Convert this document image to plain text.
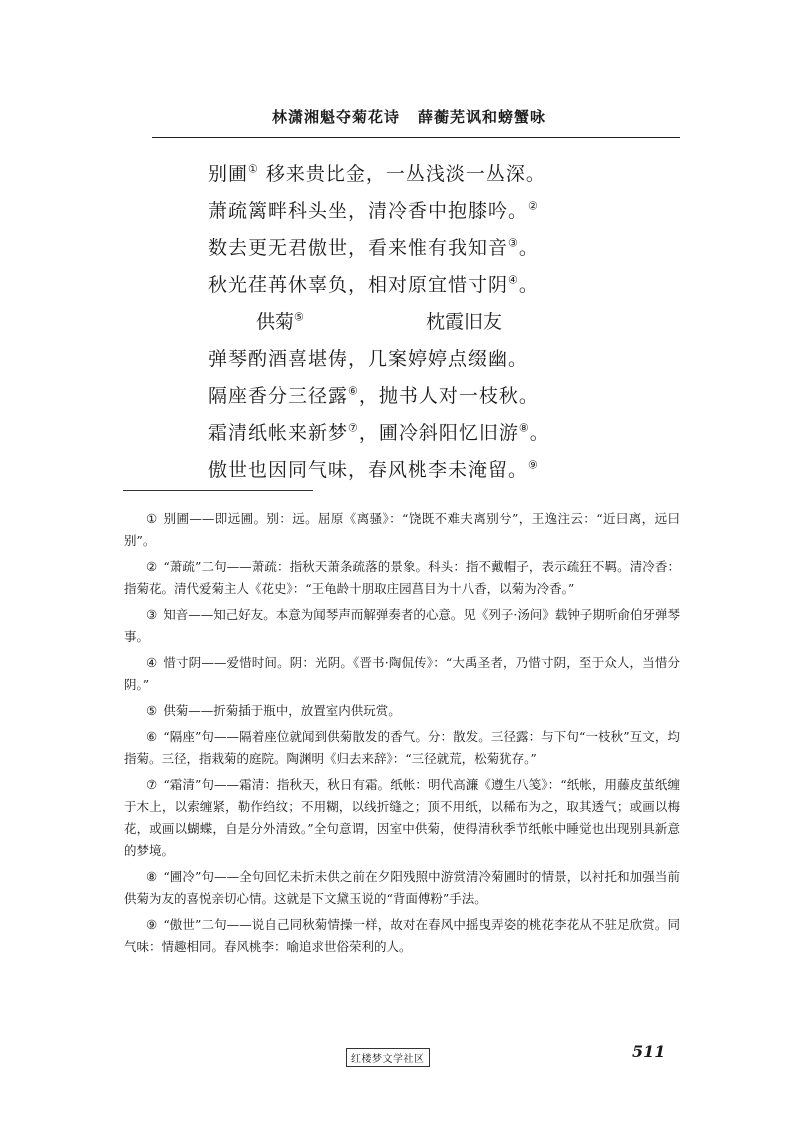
林潇湘魁夺菊花诗 薛蘅芜讽和螃蟹咏
别圃① 移来贵比金，一丛浅淡一丛深。
萧疏篱畔科头坐，清冷香中抱膝吟。②
数去更无君傲世，看来惟有我知音③。
秋光荏苒休辜负，相对原宜惜寸阴④。
供菊⑤	枕霞旧友
弹琴酌酒喜堪俦，几案婷婷点缀幽。
隔座香分三径露⑥，抛书人对一枝秋。
霜清纸帐来新梦⑦，圃冷斜阳忆旧游⑧。
傲世也因同气味，春风桃李未淹留。⑨
① 别圃——即远圃。别：远。屈原《离骚》：“饶既不难夫离别兮”，王逸注云：“近曰离，远曰别”。
② “萧疏”二句——萧疏：指秋天萧条疏落的景象。科头：指不戴帽子，表示疏狂不羁。清冷香：指菊花。清代爱菊主人《花史》：“王龟龄十朋取庄园菖目为十八香，以菊为冷香。”
③ 知音——知己好友。本意为闻琴声而解弹奏者的心意。见《列子·汤问》载钟子期听俞伯牙弹琴事。
④ 惜寸阴——爱惜时间。阴：光阴。《晋书·陶侃传》：“大禹圣者，乃惜寸阴，至于众人，当惜分阴。”
⑤ 供菊——折菊插于瓶中，放置室内供玩赏。
⑥ “隔座”句——隔着座位就闻到供菊散发的香气。分：散发。三径露：与下句“一枝秋”互文，均指菊。三径，指栽菊的庭院。陶渊明《归去来辞》：“三径就荒，松菊犹存。”
⑦ “霜清”句——霜清：指秋天，秋日有霜。纸帐：明代高濂《遵生八笺》：“纸帐，用藤皮茧纸缠于木上，以索缠紧，勒作绉纹；不用糊，以线折缝之；顶不用纸，以稀布为之，取其透气；或画以梅花，或画以蝴蝶，自是分外清致。”全句意谓，因室中供菊，使得清秋季节纸帐中睡觉也出现别具新意的梦境。
⑧ “圃冷”句——全句回忆未折未供之前在夕阳残照中游赏清冷菊圃时的情景，以衬托和加强当前供菊为友的喜悦亲切心情。这就是下文黛玉说的“背面傅粉”手法。
⑨ “傲世”二句——说自己同秋菊情操一样，故对在春风中摇曳弄姿的桃花李花从不驻足欣赏。同气味：情趣相同。春风桃李：喻追求世俗荣利的人。
红楼梦文学社区	511
